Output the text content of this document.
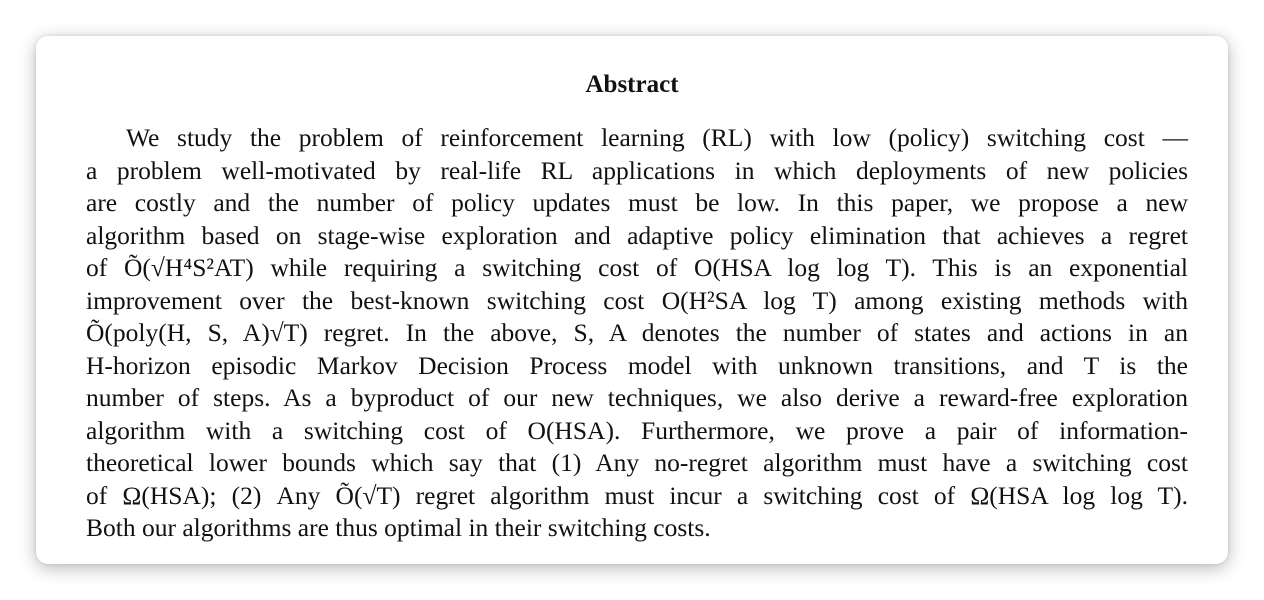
Abstract
We study the problem of reinforcement learning (RL) with low (policy) switching cost —
a problem well-motivated by real-life RL applications in which deployments of new policies
are costly and the number of policy updates must be low. In this paper, we propose a new
algorithm based on stage-wise exploration and adaptive policy elimination that achieves a regret
of Õ(√H⁴S²AT) while requiring a switching cost of O(HSA log log T). This is an exponential
improvement over the best-known switching cost O(H²SA log T) among existing methods with
Õ(poly(H, S, A)√T) regret. In the above, S, A denotes the number of states and actions in an
H-horizon episodic Markov Decision Process model with unknown transitions, and T is the
number of steps. As a byproduct of our new techniques, we also derive a reward-free exploration
algorithm with a switching cost of O(HSA). Furthermore, we prove a pair of information-
theoretical lower bounds which say that (1) Any no-regret algorithm must have a switching cost
of Ω(HSA); (2) Any Õ(√T) regret algorithm must incur a switching cost of Ω(HSA log log T).
Both our algorithms are thus optimal in their switching costs.
